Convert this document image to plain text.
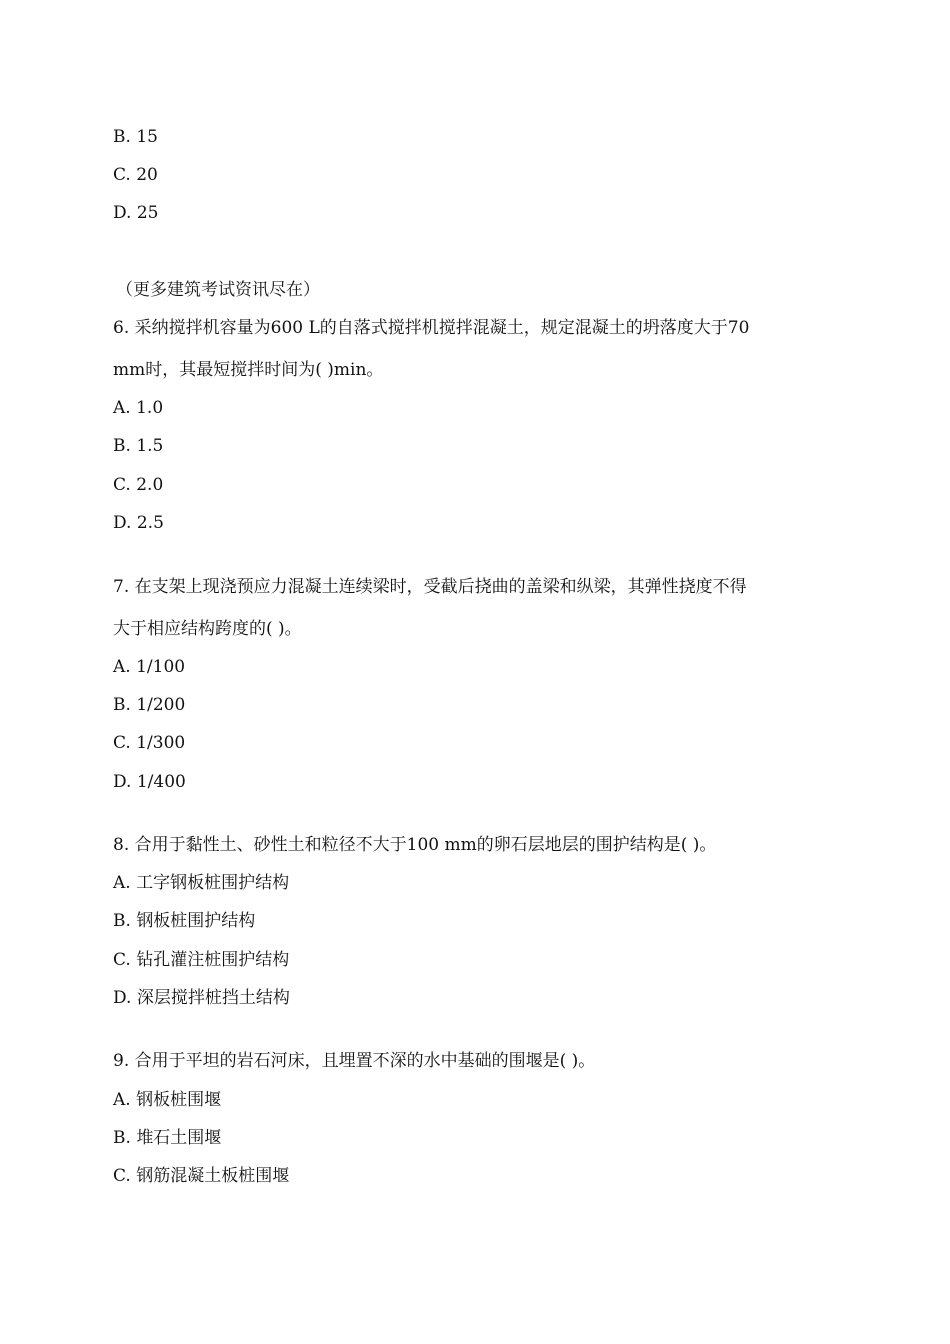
B. 15
C. 20
D. 25
（更多建筑考试资讯尽在）
6. 采纳搅拌机容量为600 L的自落式搅拌机搅拌混凝土，规定混凝土的坍落度大于70
mm时，其最短搅拌时间为( )min。
A. 1.0
B. 1.5
C. 2.0
D. 2.5
7. 在支架上现浇预应力混凝土连续梁时，受截后挠曲的盖梁和纵梁，其弹性挠度不得
大于相应结构跨度的( )。
A. 1/100
B. 1/200
C. 1/300
D. 1/400
8. 合用于黏性土、砂性土和粒径不大于100 mm的卵石层地层的围护结构是( )。
A. 工字钢板桩围护结构
B. 钢板桩围护结构
C. 钻孔灌注桩围护结构
D. 深层搅拌桩挡土结构
9. 合用于平坦的岩石河床，且埋置不深的水中基础的围堰是( )。
A. 钢板桩围堰
B. 堆石土围堰
C. 钢筋混凝土板桩围堰
